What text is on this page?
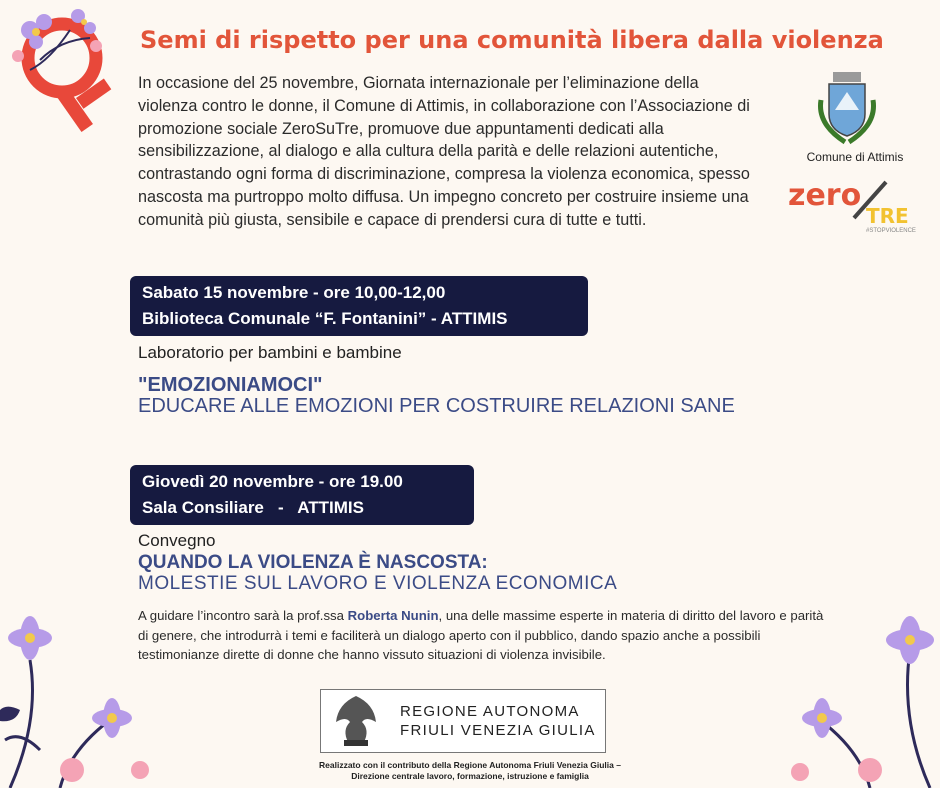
Semi di rispetto per una comunità libera dalla violenza
In occasione del 25 novembre, Giornata internazionale per l’eliminazione della violenza contro le donne, il Comune di Attimis, in collaborazione con l’Associazione di promozione sociale ZeroSuTre, promuove due appuntamenti dedicati alla sensibilizzazione, al dialogo e alla cultura della parità e delle relazioni autentiche, contrastando ogni forma di discriminazione, compresa la violenza economica, spesso nascosta ma purtroppo molto diffusa. Un impegno concreto per costruire insieme una comunità più giusta, sensibile e capace di prendersi cura di tutte e tutti.
Comune di Attimis
zero
TRE
#STOPVIOLENCE
Sabato 15 novembre - ore 10,00-12,00
Biblioteca Comunale “F. Fontanini” - ATTIMIS
Laboratorio per bambini e bambine
"EMOZIONIAMOCI"
EDUCARE ALLE EMOZIONI PER COSTRUIRE RELAZIONI SANE
Giovedì 20 novembre - ore 19.00
Sala Consiliare   -   ATTIMIS
Convegno
QUANDO LA VIOLENZA È NASCOSTA:
MOLESTIE SUL LAVORO E VIOLENZA ECONOMICA
A guidare l’incontro sarà la prof.ssa Roberta Nunin, una delle massime esperte in materia di diritto del lavoro e parità di genere, che introdurrà i temi e faciliterà un dialogo aperto con il pubblico, dando spazio anche a possibili testimonianze dirette di donne che hanno vissuto situazioni di violenza invisibile.
REGIONE AUTONOMA
FRIULI VENEZIA GIULIA
Realizzato con il contributo della Regione Autonoma Friuli Venezia Giulia –
Direzione centrale lavoro, formazione, istruzione e famiglia
